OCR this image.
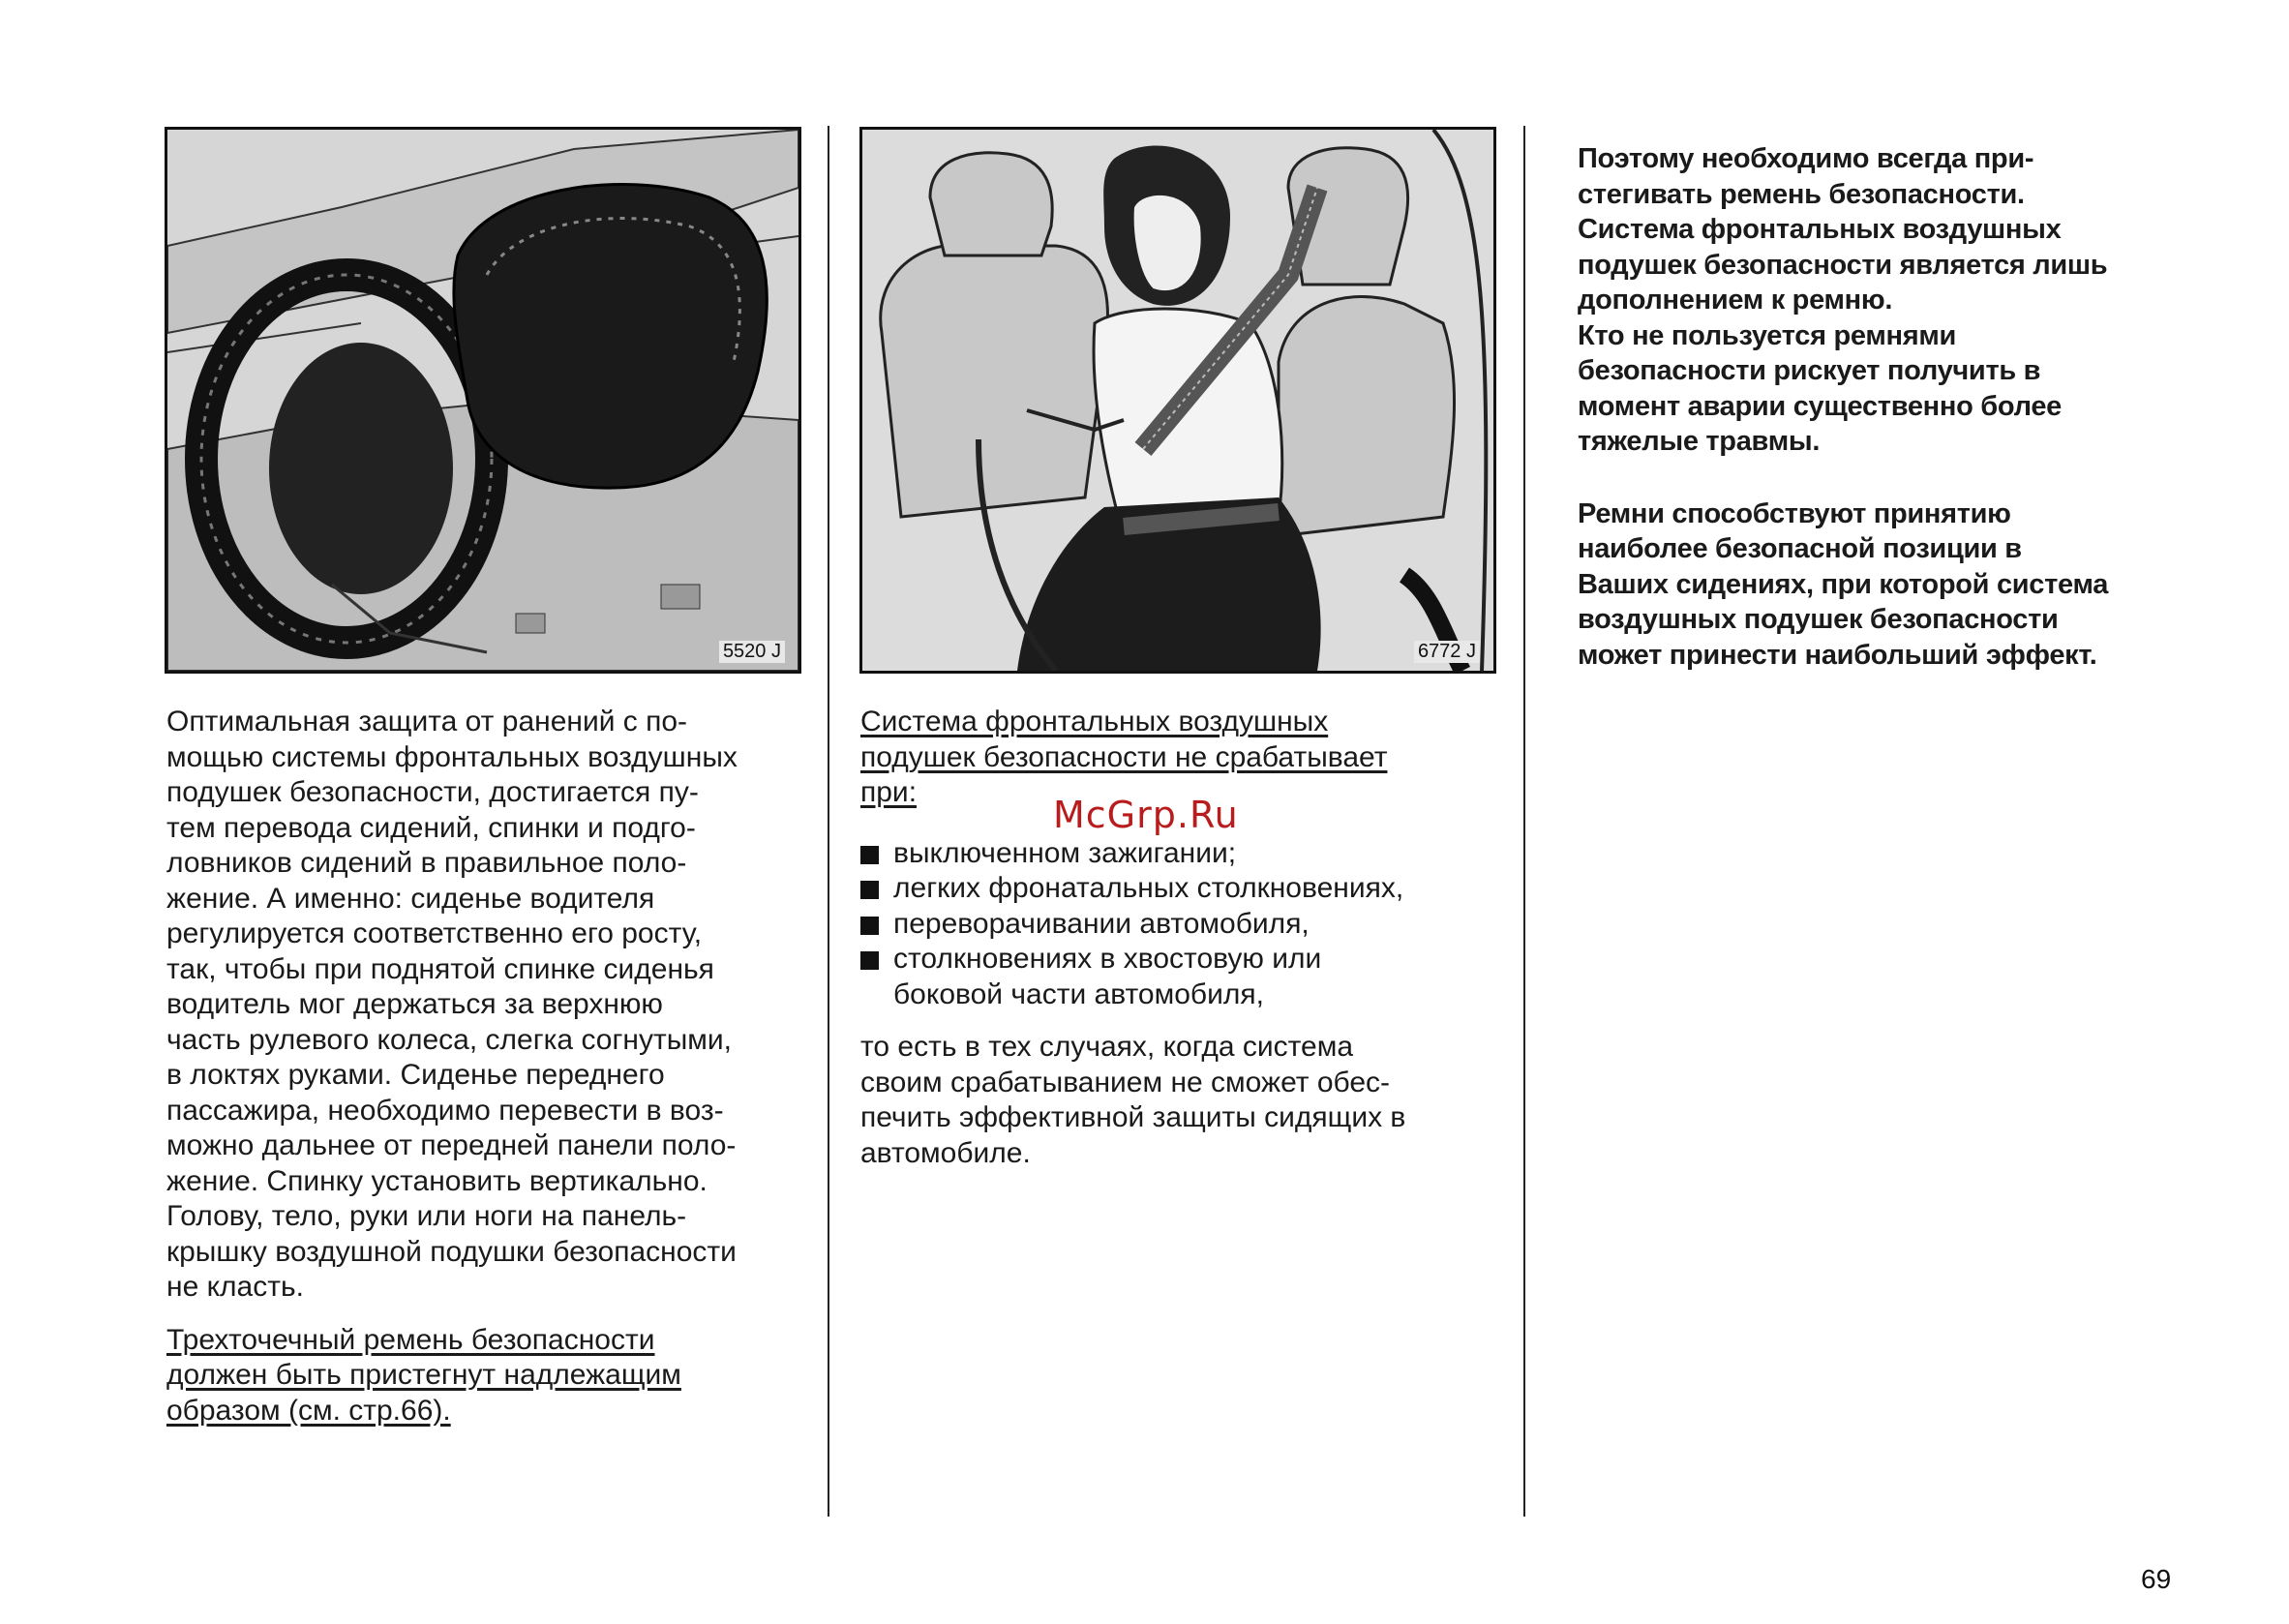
5520 J	6772 J

Оптимальная защита от ранений с по-
мощью системы фронтальных воздушных
подушек безопасности, достигается пу-
тем перевода сидений, спинки и подго-
ловников сидений в правильное поло-
жение. А именно: сиденье водителя
регулируется соответственно его росту,
так, чтобы при поднятой спинке сиденья
водитель мог держаться за верхнюю
часть рулевого колеса, слегка согнутыми,
в локтях руками. Сиденье переднего
пассажира, необходимо перевести в воз-
можно дальнее от передней панели поло-
жение. Спинку установить вертикально.
Голову, тело, руки или ноги на панель-
крышку воздушной подушки безопасности
не класть.

Трехточечный ремень безопасности
должен быть пристегнут надлежащим
образом (см. стр.66).

Система фронтальных воздушных
подушек безопасности не срабатывает
при:

выключенном зажигании;
легких фронатальных столкновениях,
переворачивании автомобиля,
столкновениях в хвостовую или
боковой части автомобиля,

то есть в тех случаях, когда система
своим срабатыванием не сможет обес-
печить эффективной защиты сидящих в
автомобиле.

Поэтому необходимо всегда при-
стегивать ремень безопасности.
Система фронтальных воздушных
подушек безопасности является лишь
дополнением к ремню.
Кто не пользуется ремнями
безопасности рискует получить в
момент аварии существенно более
тяжелые травмы.

Ремни способствуют принятию
наиболее безопасной позиции в
Ваших сидениях, при которой система
воздушных подушек безопасности
может принести наибольший эффект.

McGrp.Ru
69
